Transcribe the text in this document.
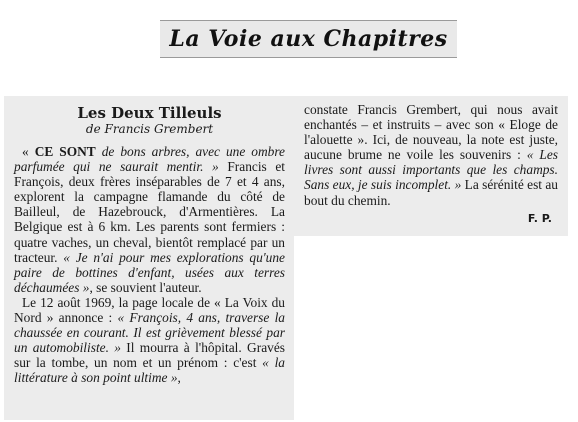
La Voie aux Chapitres
Les Deux Tilleuls
de Francis Grembert

« CE SONT de bons arbres, avec une ombre parfumée qui ne saurait mentir. » Francis et François, deux frères inséparables de 7 et 4 ans, explorent la campagne flamande du côté de Bailleul, de Hazebrouck, d'Armentières. La Belgique est à 6 km. Les parents sont fermiers : quatre vaches, un cheval, bientôt remplacé par un tracteur. « Je n'ai pour mes explorations qu'une paire de bottines d'enfant, usées aux terres déchaumées », se souvient l'auteur.

Le 12 août 1969, la page locale de « La Voix du Nord » annonce : « François, 4 ans, traverse la chaussée en courant. Il est grièvement blessé par un automobiliste. » Il mourra à l'hôpital. Gravés sur la tombe, un nom et un prénom : c'est « la littérature à son point ultime »,

constate Francis Grembert, qui nous avait enchantés – et instruits – avec son « Eloge de l'alouette ». Ici, de nouveau, la note est juste, aucune brume ne voile les souvenirs : « Les livres sont aussi importants que les champs. Sans eux, je suis incomplet. » La sérénité est au bout du chemin.

F. P.
